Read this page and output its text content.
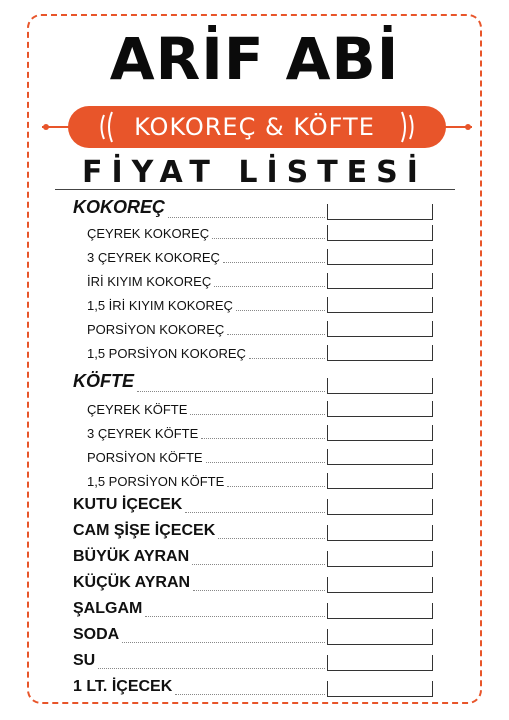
ARİF ABİ
KOKOREÇ & KÖFTE
FİYAT LİSTESİ
KOKOREÇ
ÇEYREK KOKOREÇ
3 ÇEYREK KOKOREÇ
İRİ KIYIM KOKOREÇ
1,5 İRİ KIYIM KOKOREÇ
PORSİYON KOKOREÇ
1,5 PORSİYON KOKOREÇ
KÖFTE
ÇEYREK KÖFTE
3 ÇEYREK KÖFTE
PORSİYON KÖFTE
1,5 PORSİYON KÖFTE
KUTU İÇECEK
CAM ŞİŞE İÇECEK
BÜYÜK AYRAN
KÜÇÜK AYRAN
ŞALGAM
SODA
SU
1 LT. İÇECEK
